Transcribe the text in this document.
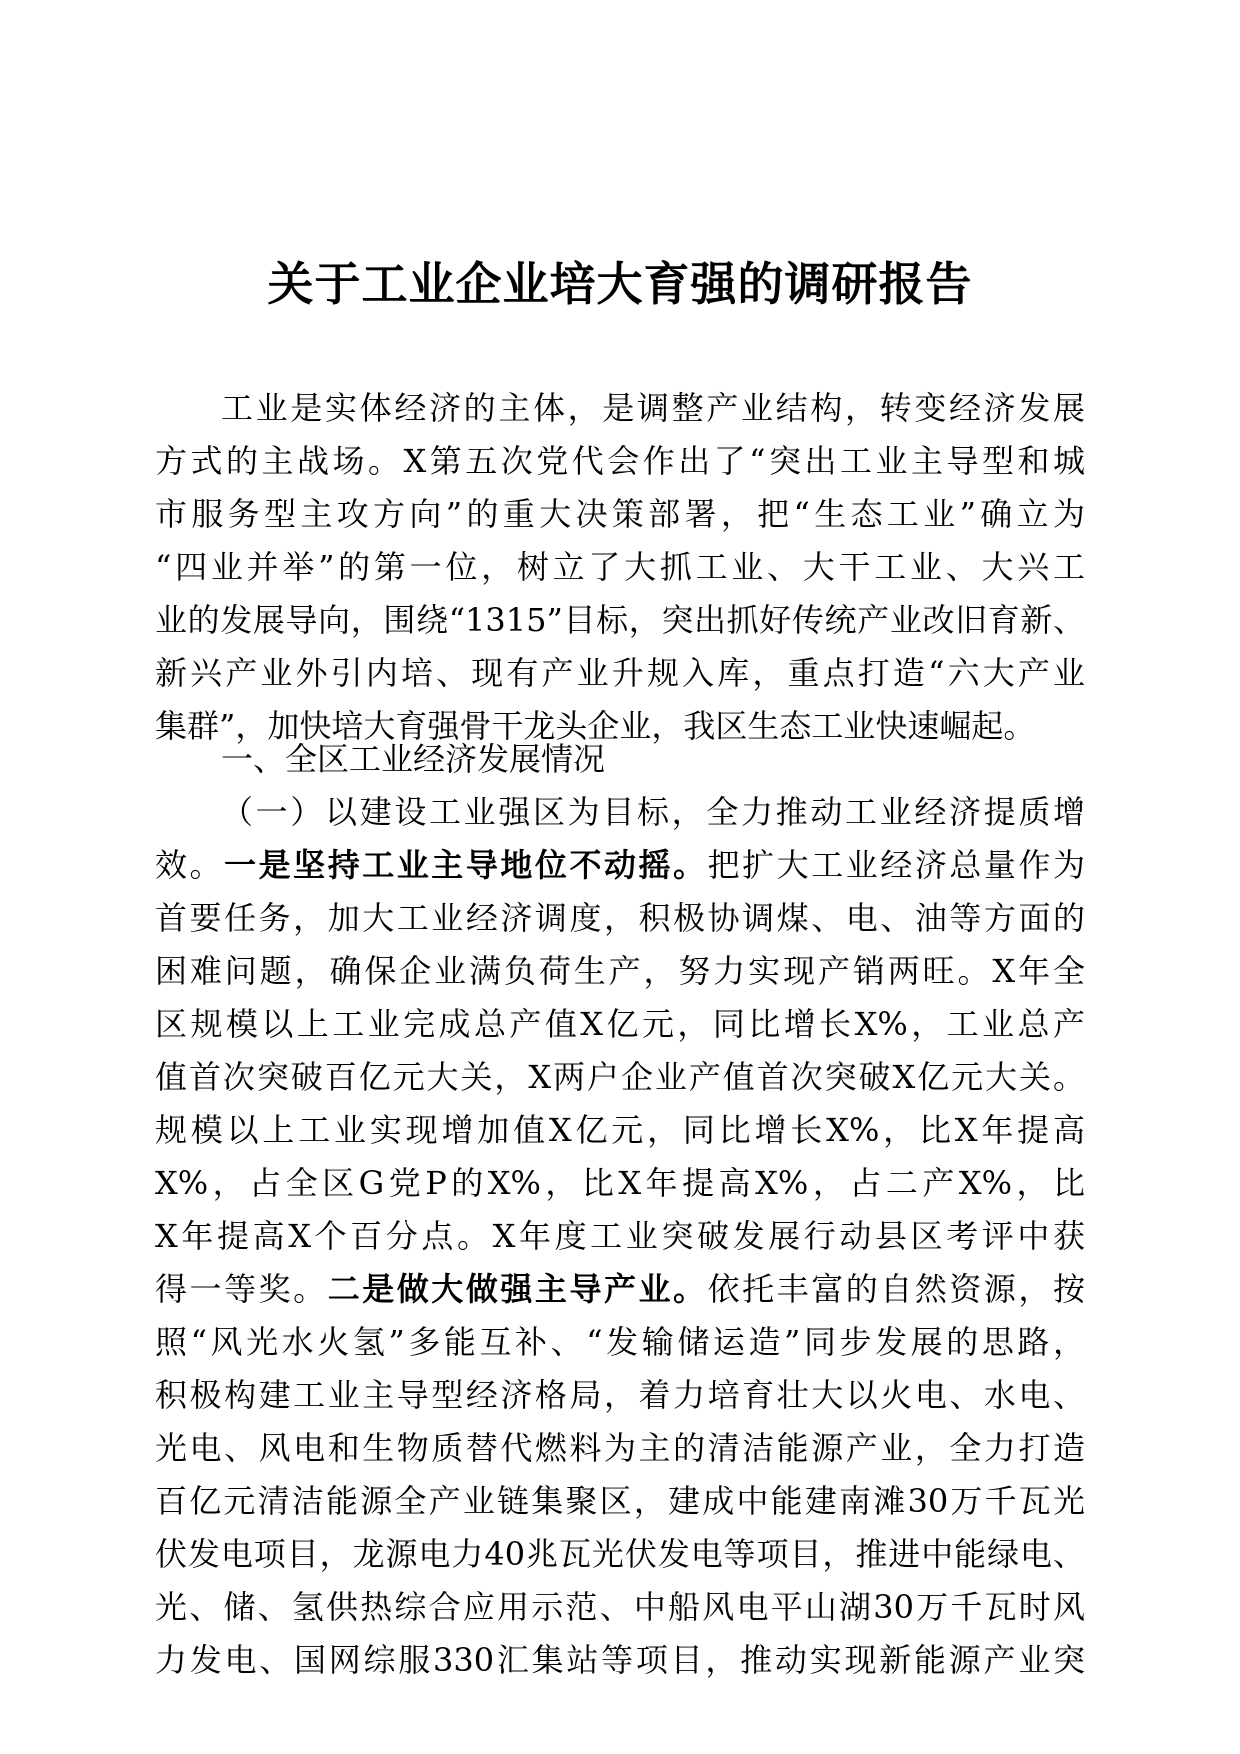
关于工业企业培大育强的调研报告
工业是实体经济的主体，是调整产业结构，转变经济发展
方式的主战场。X第五次党代会作出了“突出工业主导型和城
市服务型主攻方向”的重大决策部署，把“生态工业”确立为
“四业并举”的第一位，树立了大抓工业、大干工业、大兴工
业的发展导向，围绕“1315”目标，突出抓好传统产业改旧育新、
新兴产业外引内培、现有产业升规入库，重点打造“六大产业
集群”，加快培大育强骨干龙头企业，我区生态工业快速崛起。
一、全区工业经济发展情况
（一）以建设工业强区为目标，全力推动工业经济提质增
效。一是坚持工业主导地位不动摇。把扩大工业经济总量作为
首要任务，加大工业经济调度，积极协调煤、电、油等方面的
困难问题，确保企业满负荷生产，努力实现产销两旺。X年全
区规模以上工业完成总产值X亿元，同比增长X%，工业总产
值首次突破百亿元大关，X两户企业产值首次突破X亿元大关。
规模以上工业实现增加值X亿元，同比增长X%，比X年提高
X%，占全区G党P的X%，比X年提高X%，占二产X%，比
X年提高X个百分点。X年度工业突破发展行动县区考评中获
得一等奖。二是做大做强主导产业。依托丰富的自然资源，按
照“风光水火氢”多能互补、“发输储运造”同步发展的思路，
积极构建工业主导型经济格局，着力培育壮大以火电、水电、
光电、风电和生物质替代燃料为主的清洁能源产业，全力打造
百亿元清洁能源全产业链集聚区，建成中能建南滩30万千瓦光
伏发电项目，龙源电力40兆瓦光伏发电等项目，推进中能绿电、
光、储、氢供热综合应用示范、中船风电平山湖30万千瓦时风
力发电、国网综服330汇集站等项目，推动实现新能源产业突
